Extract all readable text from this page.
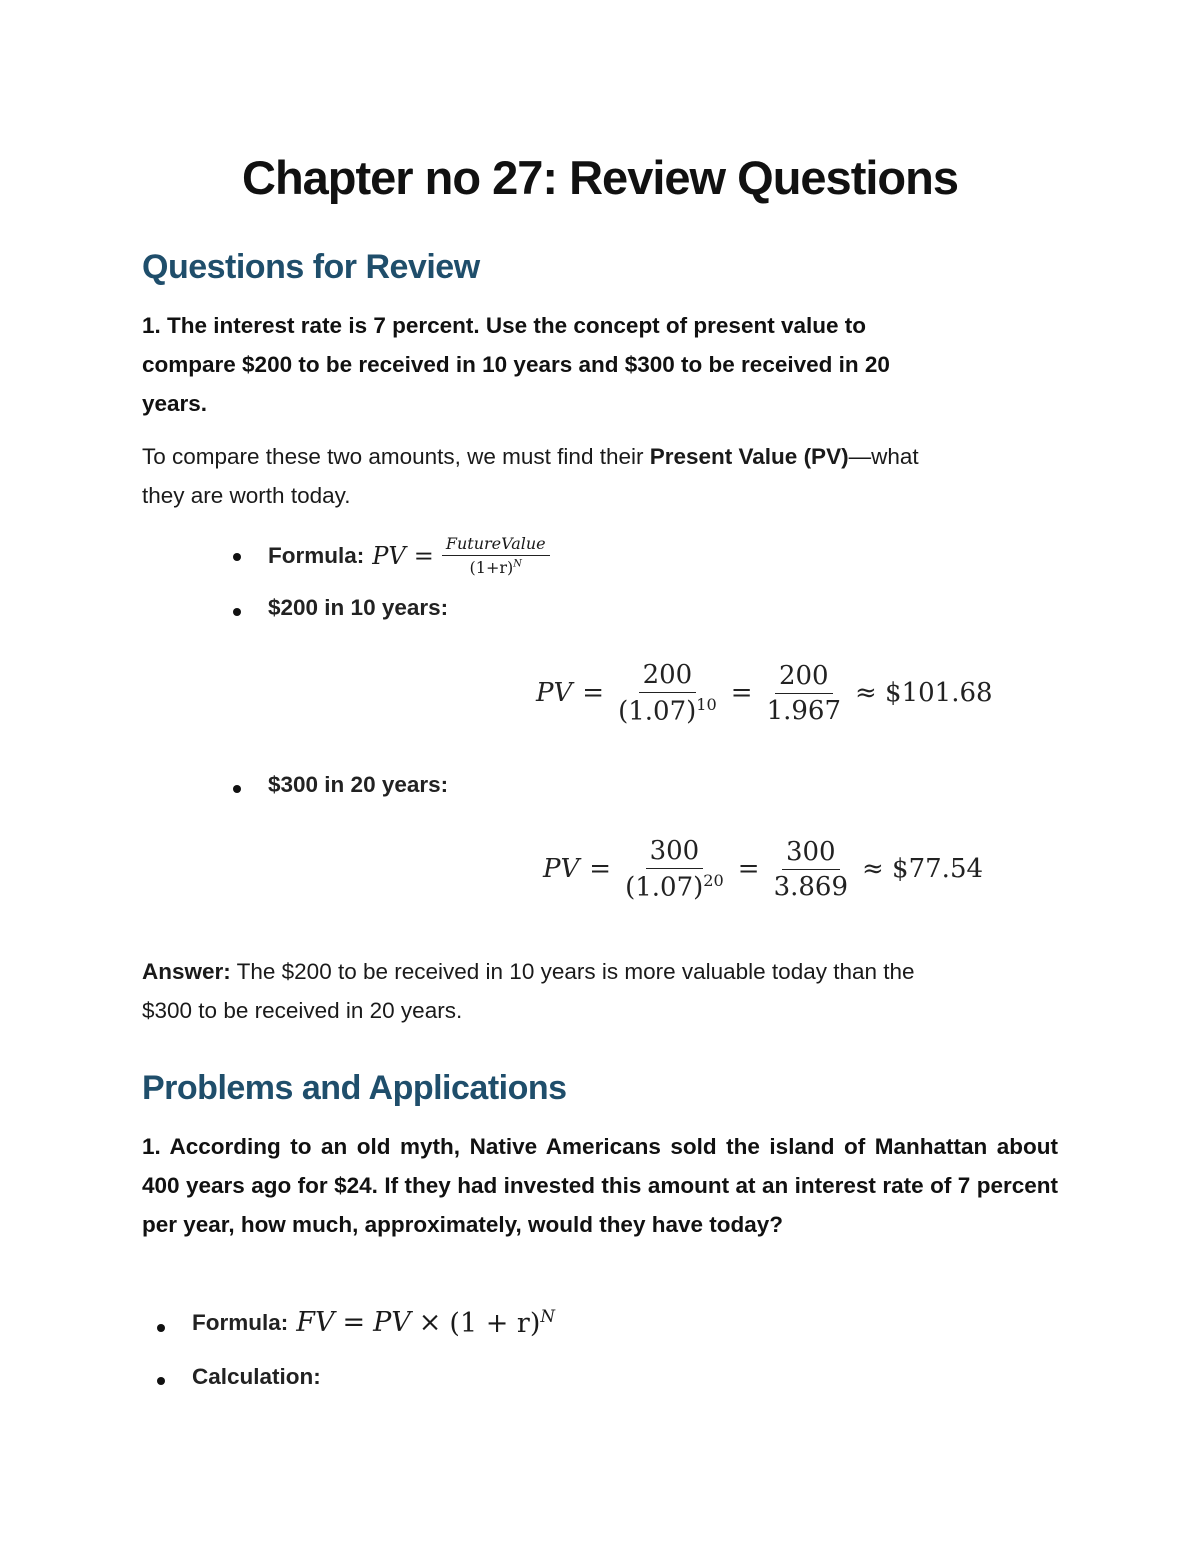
Chapter no 27: Review Questions
Questions for Review
1. The interest rate is 7 percent. Use the concept of present value to
compare $200 to be received in 10 years and $300 to be received in 20
years.
To compare these two amounts, we must find their Present Value (PV)—what
they are worth today.
Formula: PV = $\frac{\text{FutureValue}}{(1+r)^N}$
$200 in 10 years:
PV = $\frac{200}{(1.07)^{10}} = \frac{200}{1.967}$ ≈ $101.68
$300 in 20 years:
PV = $\frac{300}{(1.07)^{20}} = \frac{300}{3.869}$ ≈ $77.54
Answer: The $200 to be received in 10 years is more valuable today than the
$300 to be received in 20 years.
Problems and Applications
1. According to an old myth, Native Americans sold the island of Manhattan about 400 years ago for $24. If they had invested this amount at an interest rate of 7 percent per year, how much, approximately, would they have today?
Formula: FV = PV × $(1 + r)^N$
Calculation:
